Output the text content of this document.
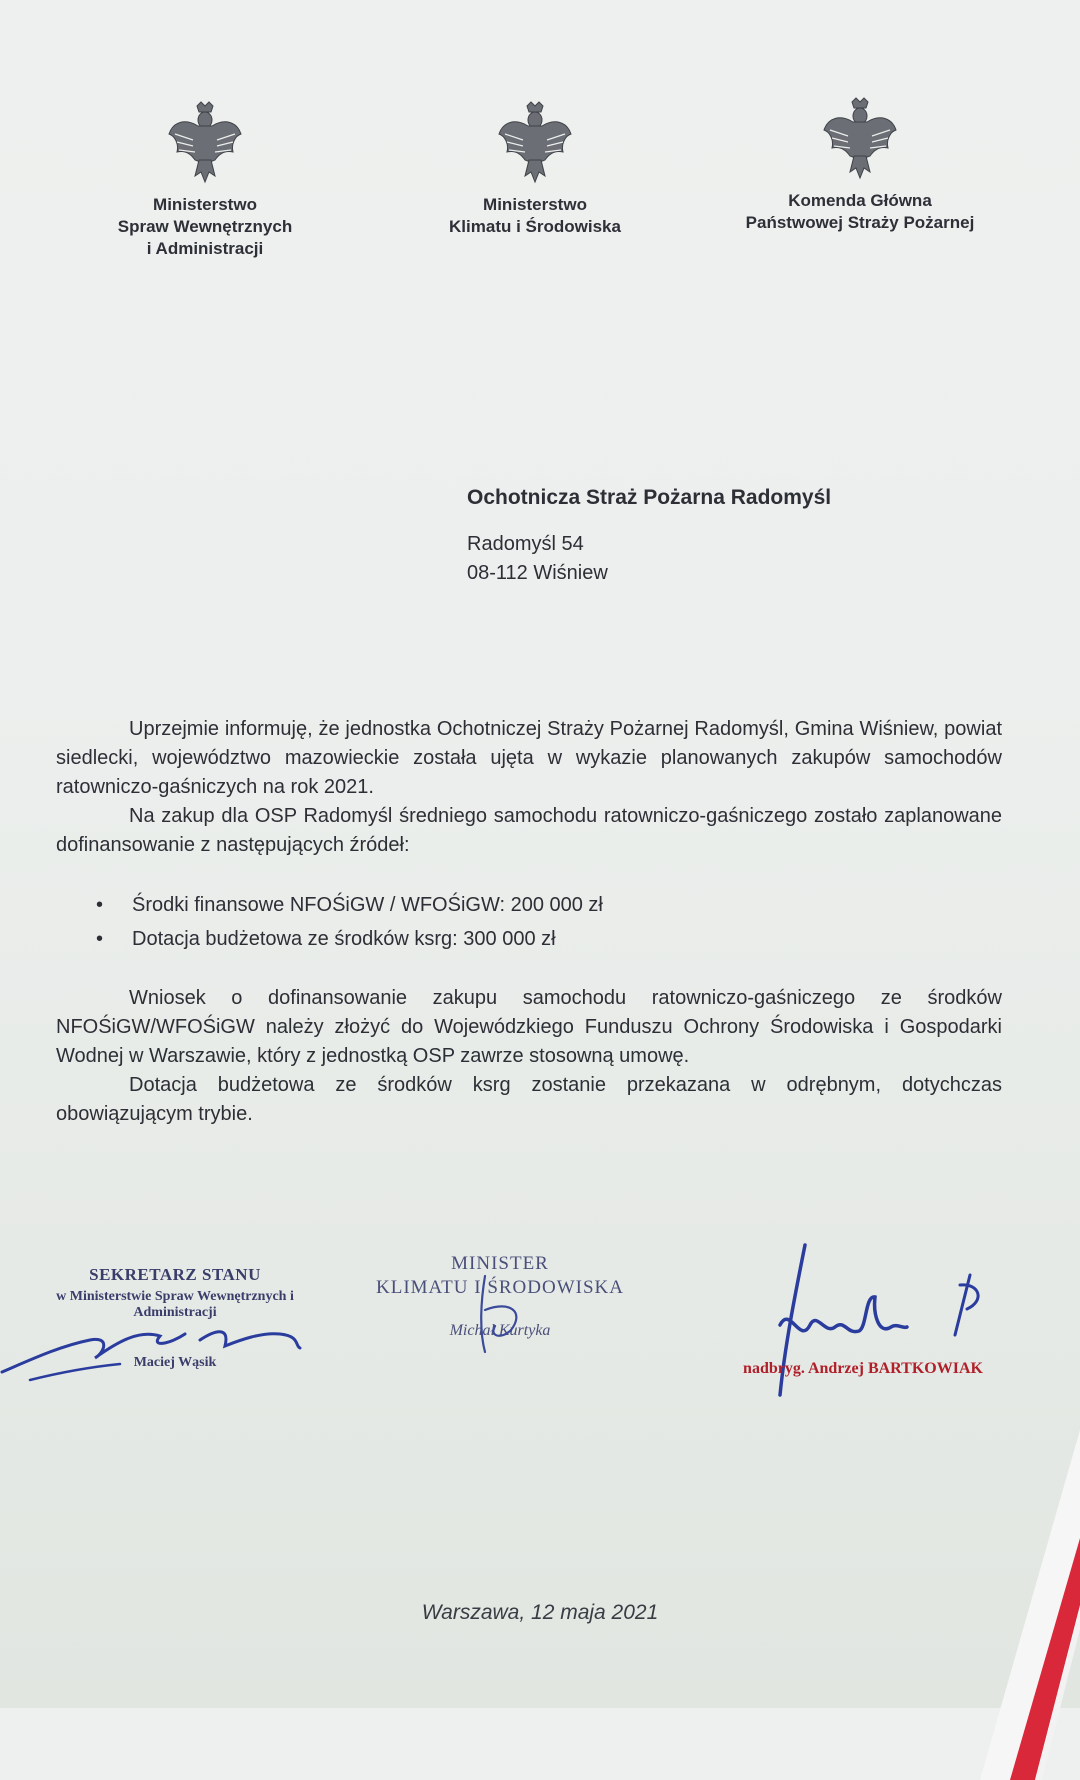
Ministerstwo
Spraw Wewnętrznych
i Administracji
Ministerstwo
Klimatu i Środowiska
Komenda Główna
Państwowej Straży Pożarnej
Ochotnicza Straż Pożarna Radomyśl
Radomyśl 54
08-112 Wiśniew

Uprzejmie informuję, że jednostka Ochotniczej Straży Pożarnej Radomyśl, Gmina Wiśniew, powiat siedlecki, województwo mazowieckie została ujęta w wykazie planowanych zakupów samochodów ratowniczo-gaśniczych na rok 2021.

Na zakup dla OSP Radomyśl średniego samochodu ratowniczo-gaśniczego zostało zaplanowane dofinansowanie z następujących źródeł:

• Środki finansowe NFOŚiGW / WFOŚiGW: 200 000 zł
• Dotacja budżetowa ze środków ksrg: 300 000 zł

Wniosek o dofinansowanie zakupu samochodu ratowniczo-gaśniczego ze środków NFOŚiGW/WFOŚiGW należy złożyć do Wojewódzkiego Funduszu Ochrony Środowiska i Gospodarki Wodnej w Warszawie, który z jednostką OSP zawrze stosowną umowę.

Dotacja budżetowa ze środków ksrg zostanie przekazana w odrębnym, dotychczas obowiązującym trybie.

SEKRETARZ STANU
w Ministerstwie Spraw Wewnętrznych i Administracji
Maciej Wąsik
MINISTER
KLIMATU I ŚRODOWISKA
Michał Kurtyka
nadbryg. Andrzej BARTKOWIAK
Warszawa, 12 maja 2021
